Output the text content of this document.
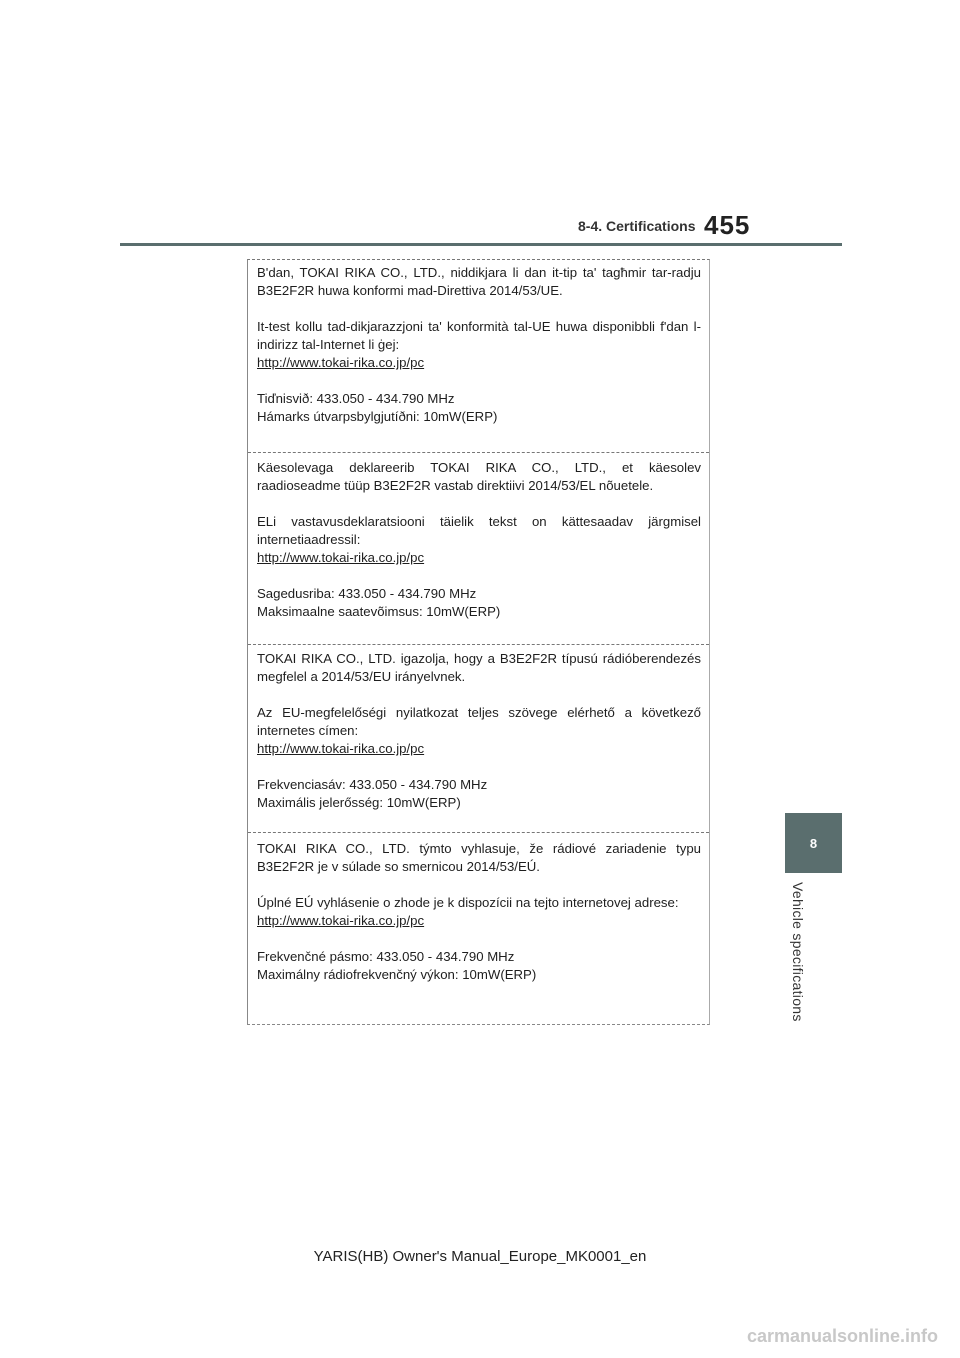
8-4. Certifications 455
8
Vehicle specifications

B'dan, TOKAI RIKA CO., LTD., niddikjara li dan it-tip ta' tagħmir tar-radju B3E2F2R huwa konformi mad-Direttiva 2014/53/UE.

It-test kollu tad-dikjarazzjoni ta' konformità tal-UE huwa disponibbli f'dan l-indirizz tal-Internet li ġej:

http://www.tokai-rika.co.jp/pc

Tiďnisvið: 433.050 - 434.790 MHz

Hámarks útvarpsbylgjutíðni: 10mW(ERP)

Käesolevaga deklareerib TOKAI RIKA CO., LTD., et käesolev raadioseadme tüüp B3E2F2R vastab direktiivi 2014/53/EL nõuetele.

ELi vastavusdeklaratsiooni täielik tekst on kättesaadav järgmisel internetiaadressil:

http://www.tokai-rika.co.jp/pc

Sagedusriba: 433.050 - 434.790 MHz

Maksimaalne saatevõimsus: 10mW(ERP)

TOKAI RIKA CO., LTD. igazolja, hogy a B3E2F2R típusú rádióberendezés megfelel a 2014/53/EU irányelvnek.

Az EU-megfelelőségi nyilatkozat teljes szövege elérhető a következő internetes címen:

http://www.tokai-rika.co.jp/pc

Frekvenciasáv: 433.050 - 434.790 MHz

Maximális jelerősség: 10mW(ERP)

TOKAI RIKA CO., LTD. týmto vyhlasuje, že rádiové zariadenie typu B3E2F2R je v súlade so smernicou 2014/53/EÚ.

Úplné EÚ vyhlásenie o zhode je k dispozícii na tejto internetovej adrese:

http://www.tokai-rika.co.jp/pc

Frekvenčné pásmo: 433.050 - 434.790 MHz

Maximálny rádiofrekvenčný výkon: 10mW(ERP)

YARIS(HB) Owner's Manual_Europe_MK0001_en
carmanualsonline.info
